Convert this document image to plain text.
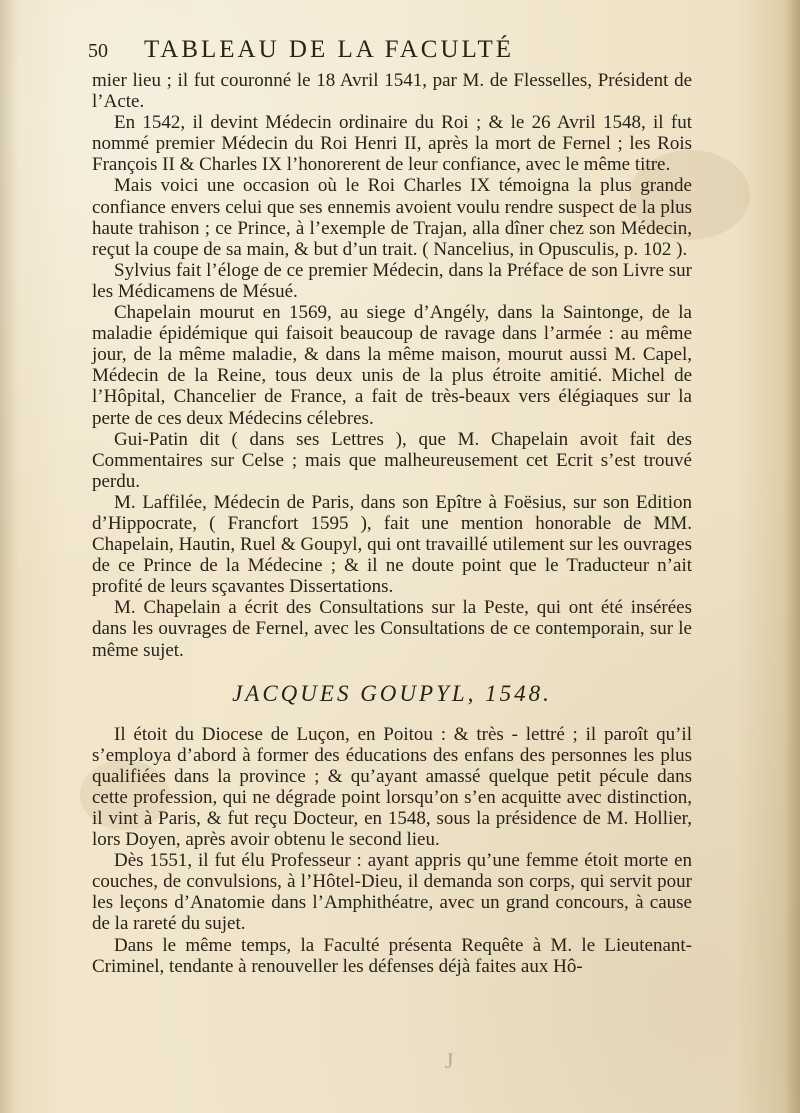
50	TABLEAU DE LA FACULTÉ

mier lieu ; il fut couronné le 18 Avril 1541, par M. de Flesselles, Président de l’Acte.

En 1542, il devint Médecin ordinaire du Roi ; & le 26 Avril 1548, il fut nommé premier Médecin du Roi Henri II, après la mort de Fernel ; les Rois François II & Charles IX l’honorerent de leur confiance, avec le même titre.

Mais voici une occasion où le Roi Charles IX témoigna la plus grande confiance envers celui que ses ennemis avoient voulu rendre suspect de la plus haute trahison ; ce Prince, à l’exemple de Trajan, alla dîner chez son Médecin, reçut la coupe de sa main, & but d’un trait. ( Nancelius, in Opusculis, p. 102 ).

Sylvius fait l’éloge de ce premier Médecin, dans la Préface de son Livre sur les Médicamens de Mésué.

Chapelain mourut en 1569, au siege d’Angély, dans la Saintonge, de la maladie épidémique qui faisoit beaucoup de ravage dans l’armée : au même jour, de la même maladie, & dans la même maison, mourut aussi M. Capel, Médecin de la Reine, tous deux unis de la plus étroite amitié. Michel de l’Hôpital, Chancelier de France, a fait de très-beaux vers élégiaques sur la perte de ces deux Médecins célebres.

Gui-Patin dit ( dans ses Lettres ), que M. Chapelain avoit fait des Commentaires sur Celse ; mais que malheureusement cet Ecrit s’est trouvé perdu.

M. Laffilée, Médecin de Paris, dans son Epître à Foësius, sur son Edition d’Hippocrate, ( Francfort 1595 ), fait une mention honorable de MM. Chapelain, Hautin, Ruel & Goupyl, qui ont travaillé utilement sur les ouvrages de ce Prince de la Médecine ; & il ne doute point que le Traducteur n’ait profité de leurs sçavantes Dissertations.

M. Chapelain a écrit des Consultations sur la Peste, qui ont été insérées dans les ouvrages de Fernel, avec les Consultations de ce contemporain, sur le même sujet.

JACQUES GOUPYL, 1548.

Il étoit du Diocese de Luçon, en Poitou : & très - lettré ; il paroît qu’il s’employa d’abord à former des éducations des enfans des personnes les plus qualifiées dans la province ; & qu’ayant amassé quelque petit pécule dans cette profession, qui ne dégrade point lorsqu’on s’en acquitte avec distinction, il vint à Paris, & fut reçu Docteur, en 1548, sous la présidence de M. Hollier, lors Doyen, après avoir obtenu le second lieu.

Dès 1551, il fut élu Professeur : ayant appris qu’une femme étoit morte en couches, de convulsions, à l’Hôtel-Dieu, il demanda son corps, qui servit pour les leçons d’Anatomie dans l’Amphithéatre, avec un grand concours, à cause de la rareté du sujet.

Dans le même temps, la Faculté présenta Requête à M. le Lieutenant-Criminel, tendante à renouveller les défenses déjà faites aux Hô-

J
